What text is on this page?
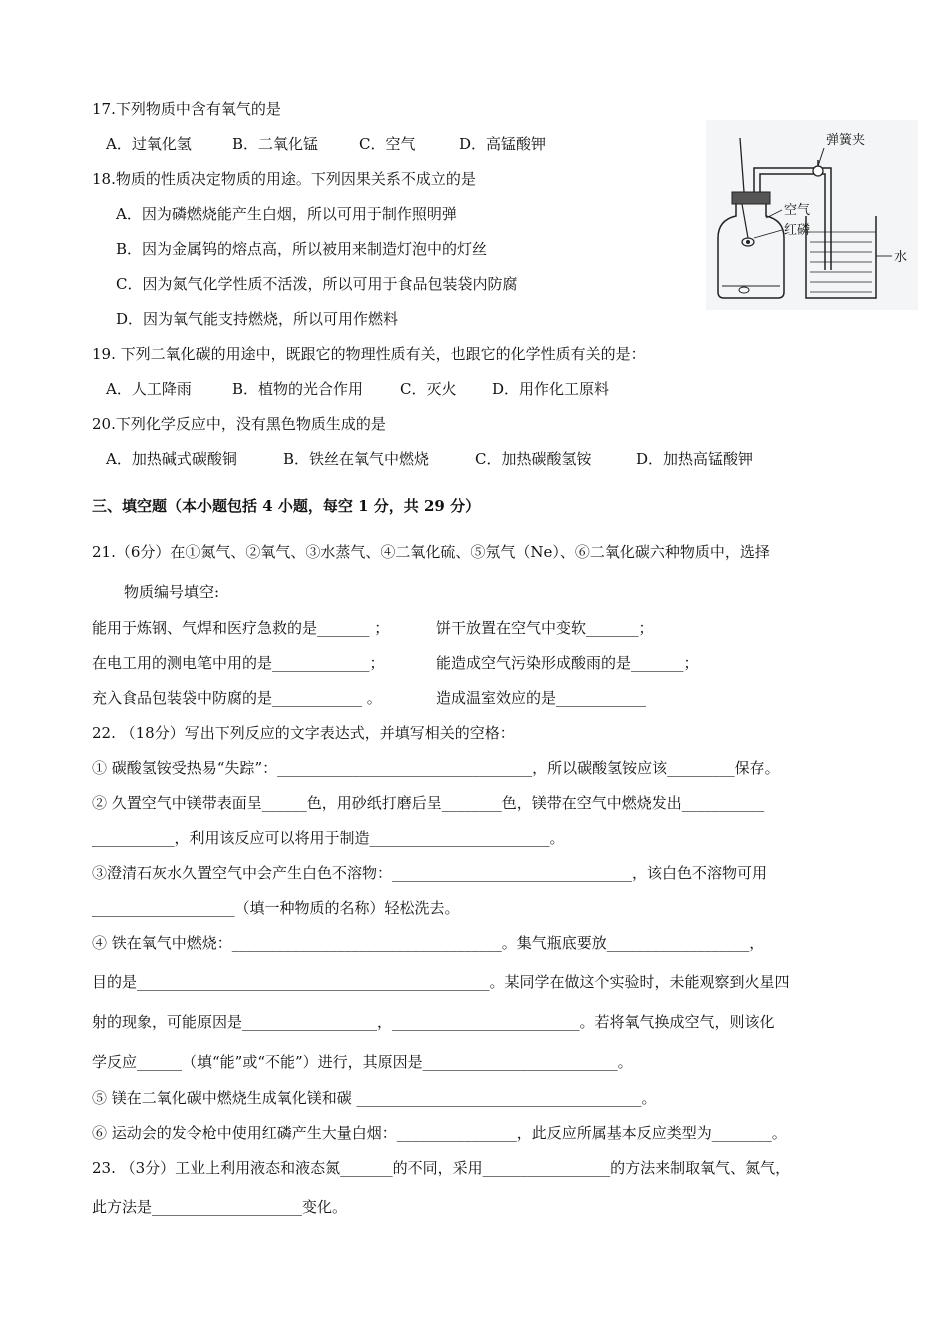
17.下列物质中含有氧气的是
A．过氧化氢	B．二氧化锰	C．空气	D．高锰酸钾
18.物质的性质决定物质的用途。下列因果关系不成立的是
A．因为磷燃烧能产生白烟，所以可用于制作照明弹
B．因为金属钨的熔点高，所以被用来制造灯泡中的灯丝
C．因为氮气化学性质不活泼，所以可用于食品包装袋内防腐
D．因为氧气能支持燃烧，所以可用作燃料
19. 下列二氧化碳的用途中，既跟它的物理性质有关，也跟它的化学性质有关的是：
A．人工降雨	B．植物的光合作用 C．灭火 D．用作化工原料
20.下列化学反应中，没有黑色物质生成的是
A．加热碱式碳酸铜	B．铁丝在氧气中燃烧	C．加热碳酸氢铵	D．加热高锰酸钾
三、填空题（本小题包括 4 小题，每空 1 分，共 29 分）
21.（6分）在①氮气、②氧气、③水蒸气、④二氧化硫、⑤氖气（Ne）、⑥二氧化碳六种物质中，选择
物质编号填空:
能用于炼钢、气焊和医疗急救的是_______ ；	饼干放置在空气中变软_______；
在电工用的测电笔中用的是_____________；	能造成空气污染形成酸雨的是_______；
充入食品包装袋中防腐的是____________ 。	造成温室效应的是____________
22. （18分）写出下列反应的文字表达式，并填写相关的空格：
① 碳酸氢铵受热易“失踪”：__________________________________，所以碳酸氢铵应该_________保存。
② 久置空气中镁带表面呈______色，用砂纸打磨后呈________色，镁带在空气中燃烧发出___________
___________，利用该反应可以将用于制造________________________。
③澄清石灰水久置空气中会产生白色不溶物：________________________________，该白色不溶物可用
___________________（填一种物质的名称）轻松洗去。
④ 铁在氧气中燃烧：____________________________________。集气瓶底要放___________________，
目的是_______________________________________________。某同学在做这个实验时，未能观察到火星四
射的现象，可能原因是__________________，_________________________。若将氧气换成空气，则该化
学反应______（填“能”或“不能”）进行，其原因是__________________________。
⑤ 镁在二氧化碳中燃烧生成氧化镁和碳 ______________________________________。
⑥ 运动会的发令枪中使用红磷产生大量白烟：________________，此反应所属基本反应类型为________。
23. （3分）工业上利用液态和液态氮_______的不同，采用_________________的方法来制取氧气、氮气，
此方法是____________________变化。
弹簧夹
空气
红磷
水
